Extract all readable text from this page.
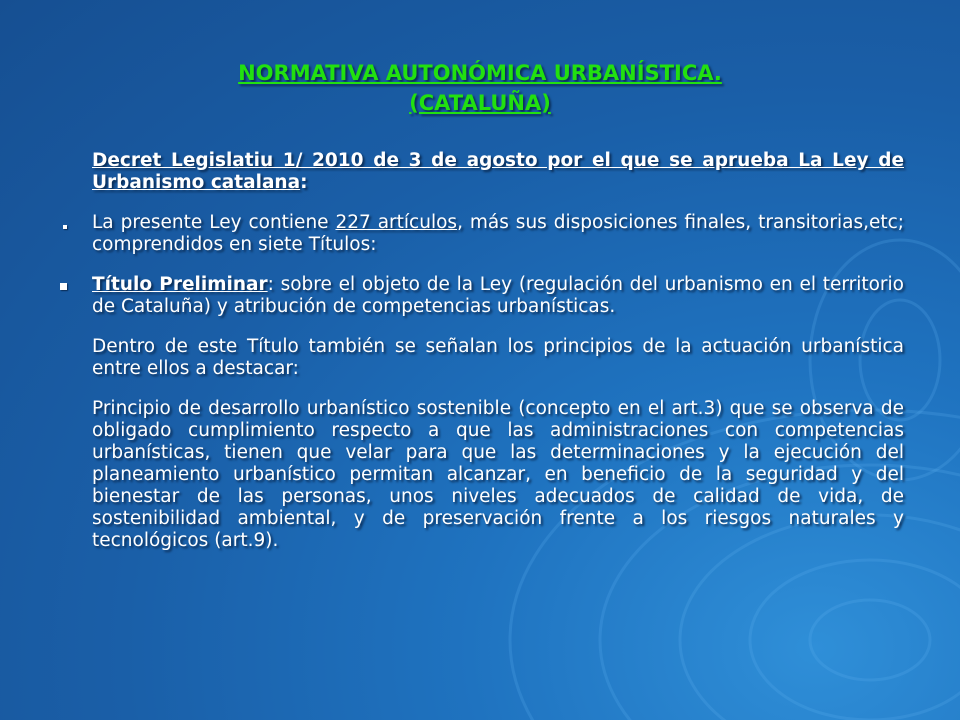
NORMATIVA AUTONÓMICA URBANÍSTICA.
(CATALUÑA)
Decret Legislatiu 1/ 2010 de 3 de agosto por el que se aprueba La Ley de Urbanismo catalana:
La presente Ley contiene 227 artículos, más sus disposiciones finales, transitorias,etc; comprendidos en siete Títulos:
Título Preliminar: sobre el objeto de la Ley (regulación del urbanismo en el territorio de Cataluña) y atribución de competencias urbanísticas.
Dentro de este Título también se señalan los principios de la actuación urbanística entre ellos a destacar:
Principio de desarrollo urbanístico sostenible (concepto en el art.3) que se observa de obligado cumplimiento respecto a que las administraciones con competencias urbanísticas, tienen que velar para que las determinaciones y la ejecución del planeamiento urbanístico permitan alcanzar, en beneficio de la seguridad y del bienestar de las personas, unos niveles adecuados de calidad de vida, de sostenibilidad ambiental, y de preservación frente a los riesgos naturales y tecnológicos (art.9).
